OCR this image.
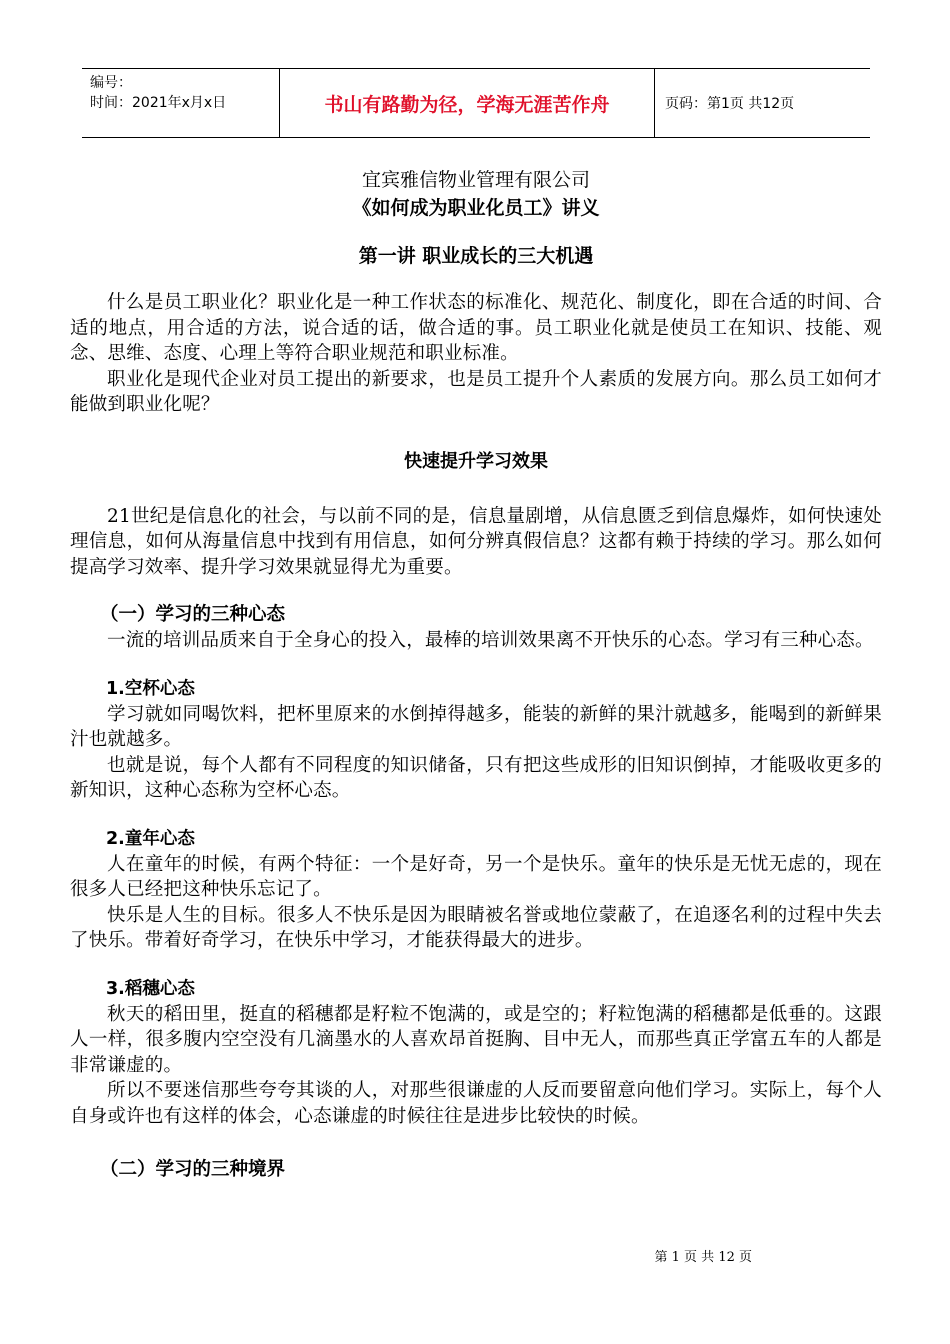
编号：
时间：2021年x月x日	书山有路勤为径，学海无涯苦作舟	页码：第1页 共12页
宜宾雅信物业管理有限公司
《如何成为职业化员工》讲义
第一讲 职业成长的三大机遇

什么是员工职业化？职业化是一种工作状态的标准化、规范化、制度化，即在合适的时间、合适的地点，用合适的方法，说合适的话，做合适的事。员工职业化就是使员工在知识、技能、观念、思维、态度、心理上等符合职业规范和职业标准。

职业化是现代企业对员工提出的新要求，也是员工提升个人素质的发展方向。那么员工如何才能做到职业化呢？

快速提升学习效果

21世纪是信息化的社会，与以前不同的是，信息量剧增，从信息匮乏到信息爆炸，如何快速处理信息，如何从海量信息中找到有用信息，如何分辨真假信息？这都有赖于持续的学习。那么如何提高学习效率、提升学习效果就显得尤为重要。

（一）学习的三种心态

一流的培训品质来自于全身心的投入，最棒的培训效果离不开快乐的心态。学习有三种心态。

1.空杯心态

学习就如同喝饮料，把杯里原来的水倒掉得越多，能装的新鲜的果汁就越多，能喝到的新鲜果汁也就越多。

也就是说，每个人都有不同程度的知识储备，只有把这些成形的旧知识倒掉，才能吸收更多的新知识，这种心态称为空杯心态。

2.童年心态

人在童年的时候，有两个特征：一个是好奇，另一个是快乐。童年的快乐是无忧无虑的，现在很多人已经把这种快乐忘记了。

快乐是人生的目标。很多人不快乐是因为眼睛被名誉或地位蒙蔽了，在追逐名利的过程中失去了快乐。带着好奇学习，在快乐中学习，才能获得最大的进步。

3.稻穗心态

秋天的稻田里，挺直的稻穗都是籽粒不饱满的，或是空的；籽粒饱满的稻穗都是低垂的。这跟人一样，很多腹内空空没有几滴墨水的人喜欢昂首挺胸、目中无人，而那些真正学富五车的人都是非常谦虚的。

所以不要迷信那些夸夸其谈的人，对那些很谦虚的人反而要留意向他们学习。实际上，每个人自身或许也有这样的体会，心态谦虚的时候往往是进步比较快的时候。

（二）学习的三种境界
第 1 页 共 12 页
